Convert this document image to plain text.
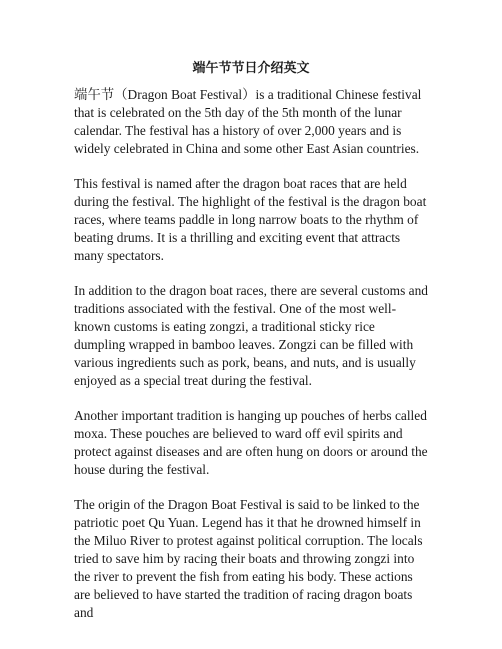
端午节节日介绍英文

端午节（Dragon Boat Festival）is a traditional Chinese festival that is celebrated on the 5th day of the 5th month of the lunar calendar. The festival has a history of over 2,000 years and is widely celebrated in China and some other East Asian countries.

This festival is named after the dragon boat races that are held during the festival. The highlight of the festival is the dragon boat races, where teams paddle in long narrow boats to the rhythm of beating drums. It is a thrilling and exciting event that attracts many spectators.

In addition to the dragon boat races, there are several customs and traditions associated with the festival. One of the most well-known customs is eating zongzi, a traditional sticky rice dumpling wrapped in bamboo leaves. Zongzi can be filled with various ingredients such as pork, beans, and nuts, and is usually enjoyed as a special treat during the festival.

Another important tradition is hanging up pouches of herbs called moxa. These pouches are believed to ward off evil spirits and protect against diseases and are often hung on doors or around the house during the festival.

The origin of the Dragon Boat Festival is said to be linked to the patriotic poet Qu Yuan. Legend has it that he drowned himself in the Miluo River to protest against political corruption. The locals tried to save him by racing their boats and throwing zongzi into the river to prevent the fish from eating his body. These actions are believed to have started the tradition of racing dragon boats and
